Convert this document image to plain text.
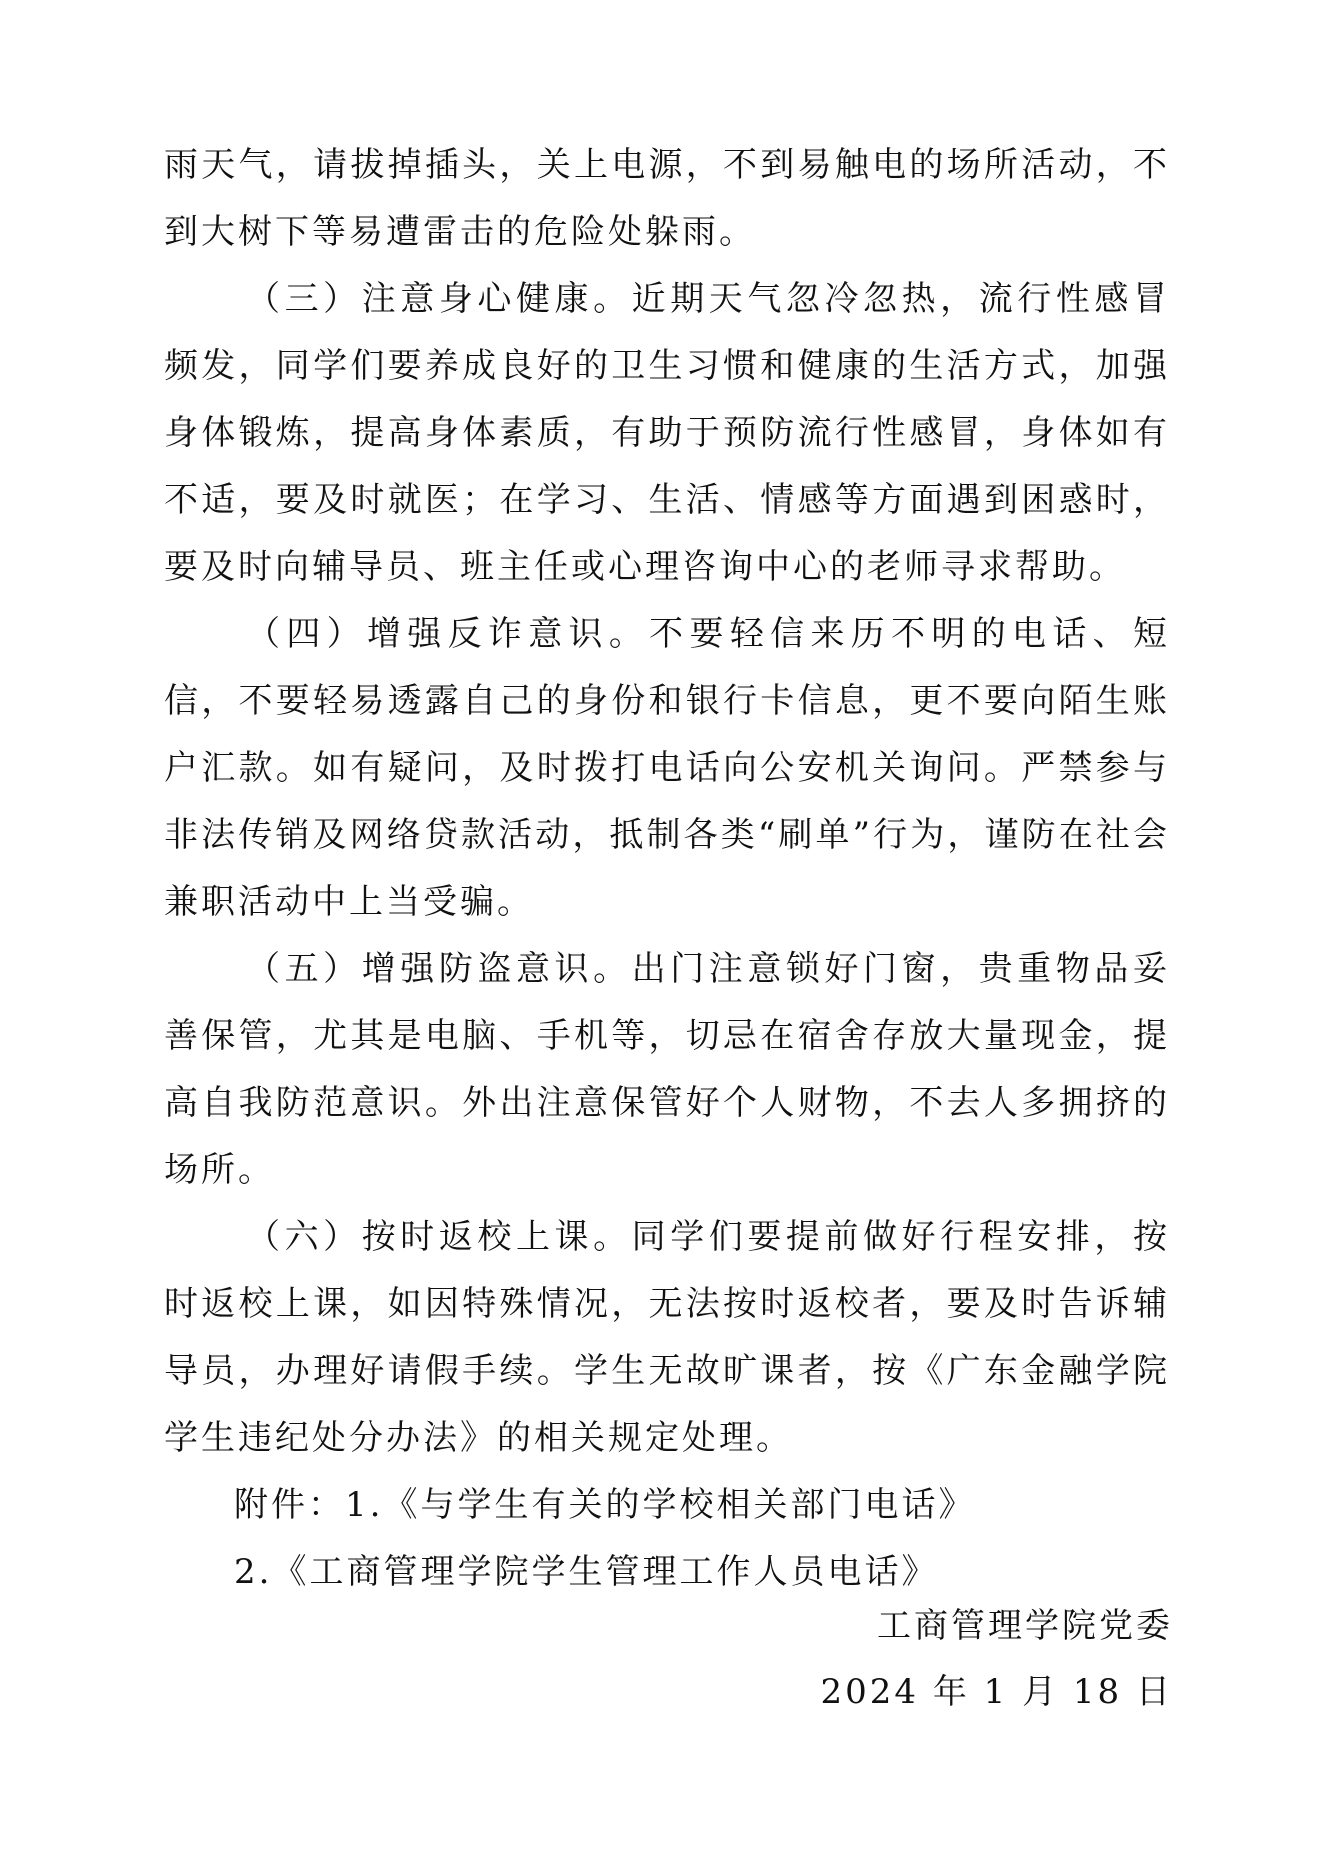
雨天气，请拔掉插头，关上电源，不到易触电的场所活动，不到大树下等易遭雷击的危险处躲雨。

（三）注意身心健康。近期天气忽冷忽热，流行性感冒频发，同学们要养成良好的卫生习惯和健康的生活方式，加强身体锻炼，提高身体素质，有助于预防流行性感冒，身体如有不适，要及时就医；在学习、生活、情感等方面遇到困惑时，要及时向辅导员、班主任或心理咨询中心的老师寻求帮助。

（四）增强反诈意识。不要轻信来历不明的电话、短信，不要轻易透露自己的身份和银行卡信息，更不要向陌生账户汇款。如有疑问，及时拨打电话向公安机关询问。严禁参与非法传销及网络贷款活动，抵制各类“刷单”行为，谨防在社会兼职活动中上当受骗。

（五）增强防盗意识。出门注意锁好门窗，贵重物品妥善保管，尤其是电脑、手机等，切忌在宿舍存放大量现金，提高自我防范意识。外出注意保管好个人财物，不去人多拥挤的场所。

（六）按时返校上课。同学们要提前做好行程安排，按时返校上课，如因特殊情况，无法按时返校者，要及时告诉辅导员，办理好请假手续。学生无故旷课者，按《广东金融学院学生违纪处分办法》的相关规定处理。

附件：1.《与学生有关的学校相关部门电话》

2.《工商管理学院学生管理工作人员电话》

工商管理学院党委
2024 年 1 月 18 日
